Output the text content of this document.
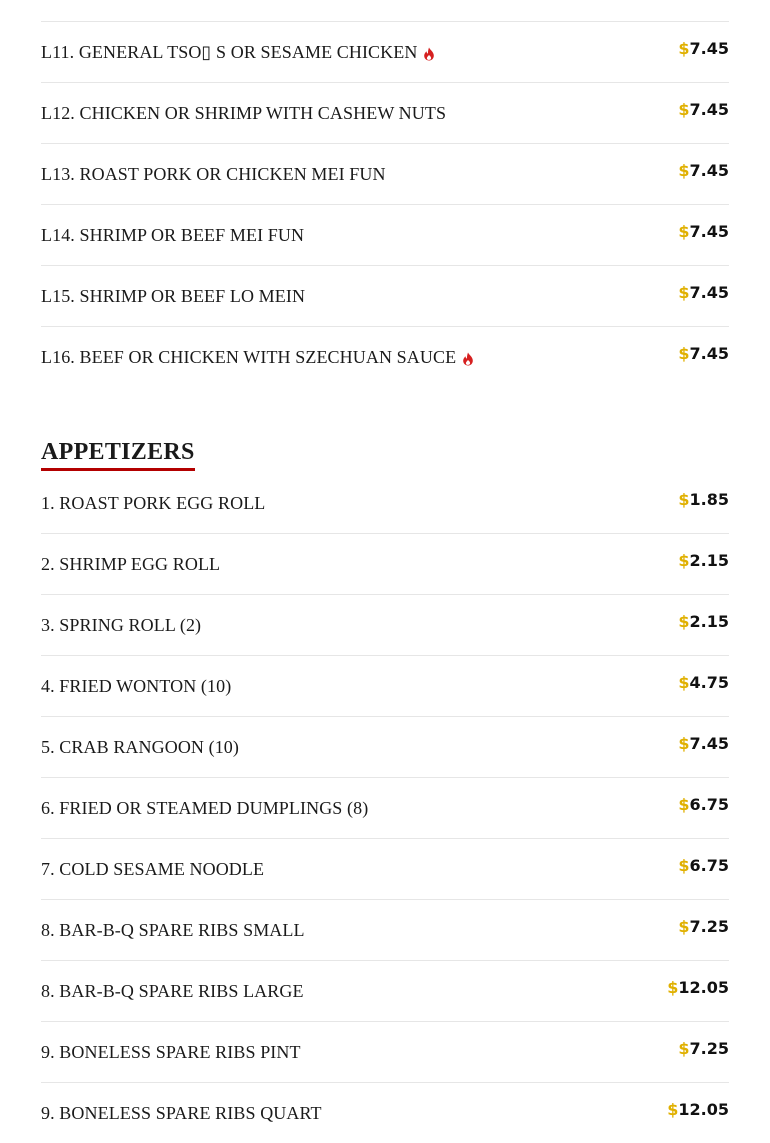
L11. GENERAL TSO▯ S OR SESAME CHICKEN	$7.45
L12. CHICKEN OR SHRIMP WITH CASHEW NUTS	$7.45
L13. ROAST PORK OR CHICKEN MEI FUN	$7.45
L14. SHRIMP OR BEEF MEI FUN	$7.45
L15. SHRIMP OR BEEF LO MEIN	$7.45
L16. BEEF OR CHICKEN WITH SZECHUAN SAUCE	$7.45
APPETIZERS
1. ROAST PORK EGG ROLL	$1.85
2. SHRIMP EGG ROLL	$2.15
3. SPRING ROLL (2)	$2.15
4. FRIED WONTON (10)	$4.75
5. CRAB RANGOON (10)	$7.45
6. FRIED OR STEAMED DUMPLINGS (8)	$6.75
7. COLD SESAME NOODLE	$6.75
8. BAR-B-Q SPARE RIBS SMALL	$7.25
8. BAR-B-Q SPARE RIBS LARGE	$12.05
9. BONELESS SPARE RIBS PINT	$7.25
9. BONELESS SPARE RIBS QUART	$12.05
